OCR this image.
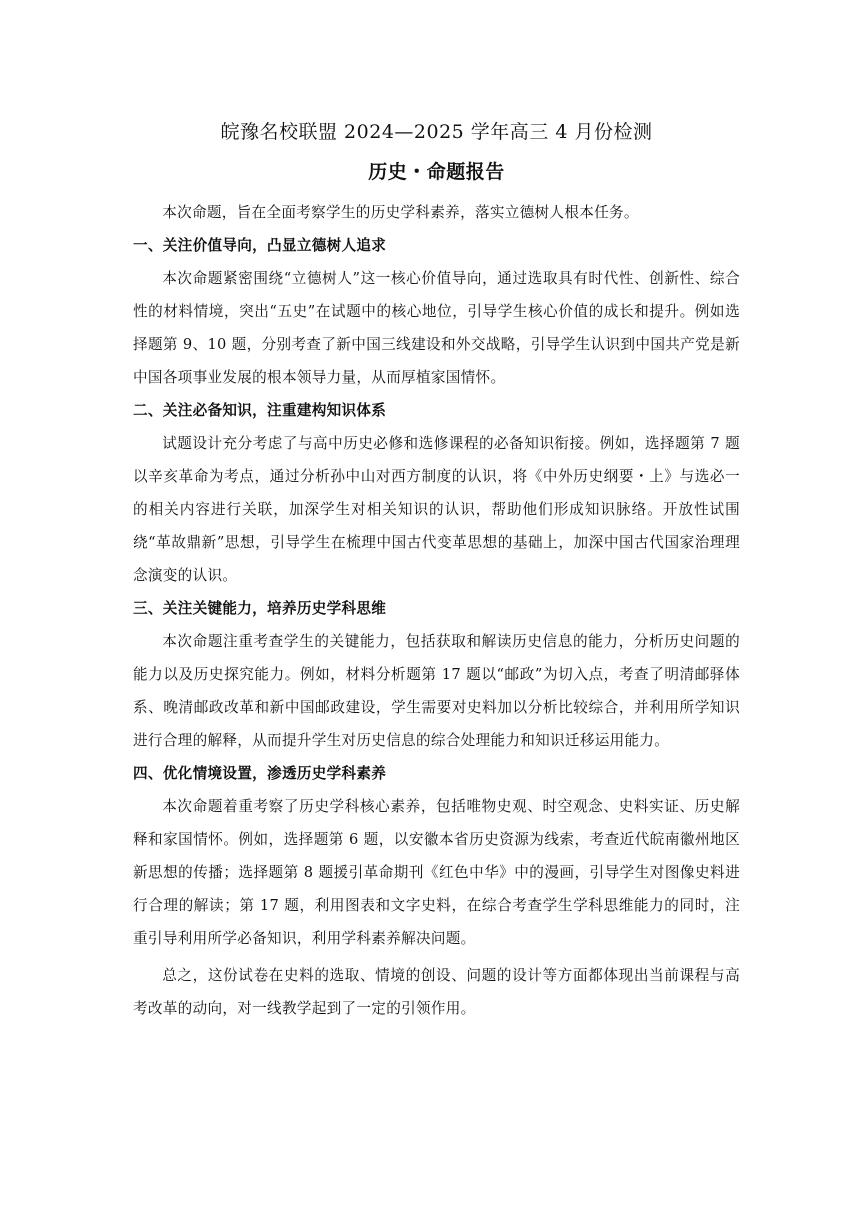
皖豫名校联盟 2024—2025 学年高三 4 月份检测
历史・命题报告

本次命题，旨在全面考察学生的历史学科素养，落实立德树人根本任务。

一、关注价值导向，凸显立德树人追求

本次命题紧密围绕“立德树人”这一核心价值导向，通过选取具有时代性、创新性、综合性的材料情境，突出“五史”在试题中的核心地位，引导学生核心价值的成长和提升。例如选择题第 9、10 题，分别考查了新中国三线建设和外交战略，引导学生认识到中国共产党是新中国各项事业发展的根本领导力量，从而厚植家国情怀。

二、关注必备知识，注重建构知识体系

试题设计充分考虑了与高中历史必修和选修课程的必备知识衔接。例如，选择题第 7 题以辛亥革命为考点，通过分析孙中山对西方制度的认识，将《中外历史纲要・上》与选必一的相关内容进行关联，加深学生对相关知识的认识，帮助他们形成知识脉络。开放性试围绕“革故鼎新”思想，引导学生在梳理中国古代变革思想的基础上，加深中国古代国家治理理念演变的认识。

三、关注关键能力，培养历史学科思维

本次命题注重考查学生的关键能力，包括获取和解读历史信息的能力，分析历史问题的能力以及历史探究能力。例如，材料分析题第 17 题以“邮政”为切入点，考查了明清邮驿体系、晚清邮政改革和新中国邮政建设，学生需要对史料加以分析比较综合，并利用所学知识进行合理的解释，从而提升学生对历史信息的综合处理能力和知识迁移运用能力。

四、优化情境设置，渗透历史学科素养

本次命题着重考察了历史学科核心素养，包括唯物史观、时空观念、史料实证、历史解释和家国情怀。例如，选择题第 6 题，以安徽本省历史资源为线索，考查近代皖南徽州地区新思想的传播；选择题第 8 题援引革命期刊《红色中华》中的漫画，引导学生对图像史料进行合理的解读；第 17 题，利用图表和文字史料，在综合考查学生学科思维能力的同时，注重引导利用所学必备知识，利用学科素养解决问题。

总之，这份试卷在史料的选取、情境的创设、问题的设计等方面都体现出当前课程与高考改革的动向，对一线教学起到了一定的引领作用。
